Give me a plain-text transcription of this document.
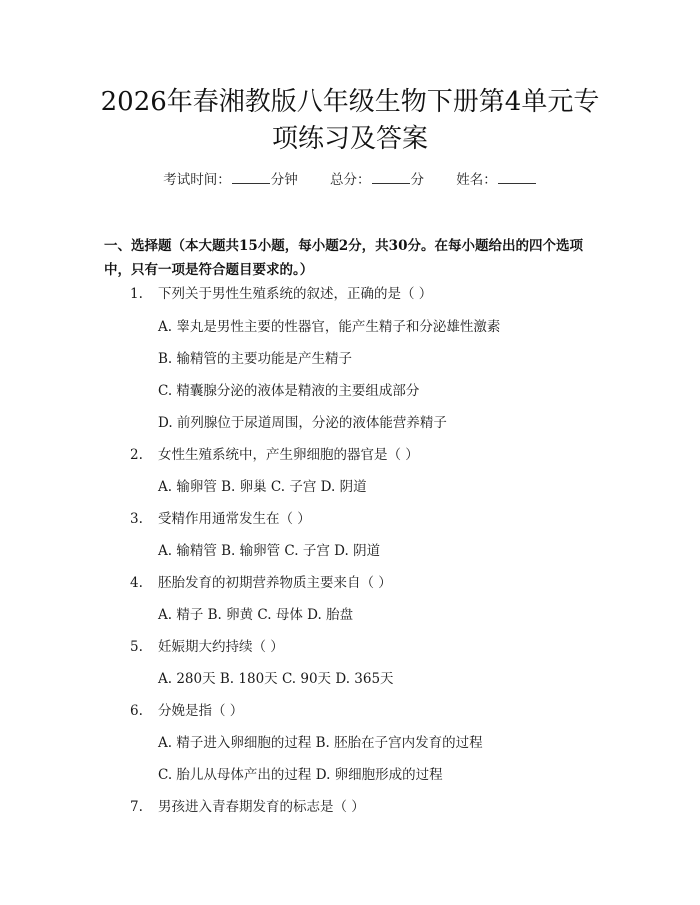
2026年春湘教版八年级生物下册第4单元专项练习及答案
考试时间：	分钟 总分：	分 姓名：
一、选择题（本大题共15小题，每小题2分，共30分。在每小题给出的四个选项中，只有一项是符合题目要求的。）
1. 下列关于男性生殖系统的叙述，正确的是（ ）
A. 睾丸是男性主要的性器官，能产生精子和分泌雄性激素
B. 输精管的主要功能是产生精子
C. 精囊腺分泌的液体是精液的主要组成部分
D. 前列腺位于尿道周围，分泌的液体能营养精子
2. 女性生殖系统中，产生卵细胞的器官是（ ）
A. 输卵管 B. 卵巢 C. 子宫 D. 阴道
3. 受精作用通常发生在（ ）
A. 输精管 B. 输卵管 C. 子宫 D. 阴道
4. 胚胎发育的初期营养物质主要来自（ ）
A. 精子 B. 卵黄 C. 母体 D. 胎盘
5. 妊娠期大约持续（ ）
A. 280天 B. 180天 C. 90天 D. 365天
6. 分娩是指（ ）
A. 精子进入卵细胞的过程 B. 胚胎在子宫内发育的过程
C. 胎儿从母体产出的过程 D. 卵细胞形成的过程
7. 男孩进入青春期发育的标志是（ ）
